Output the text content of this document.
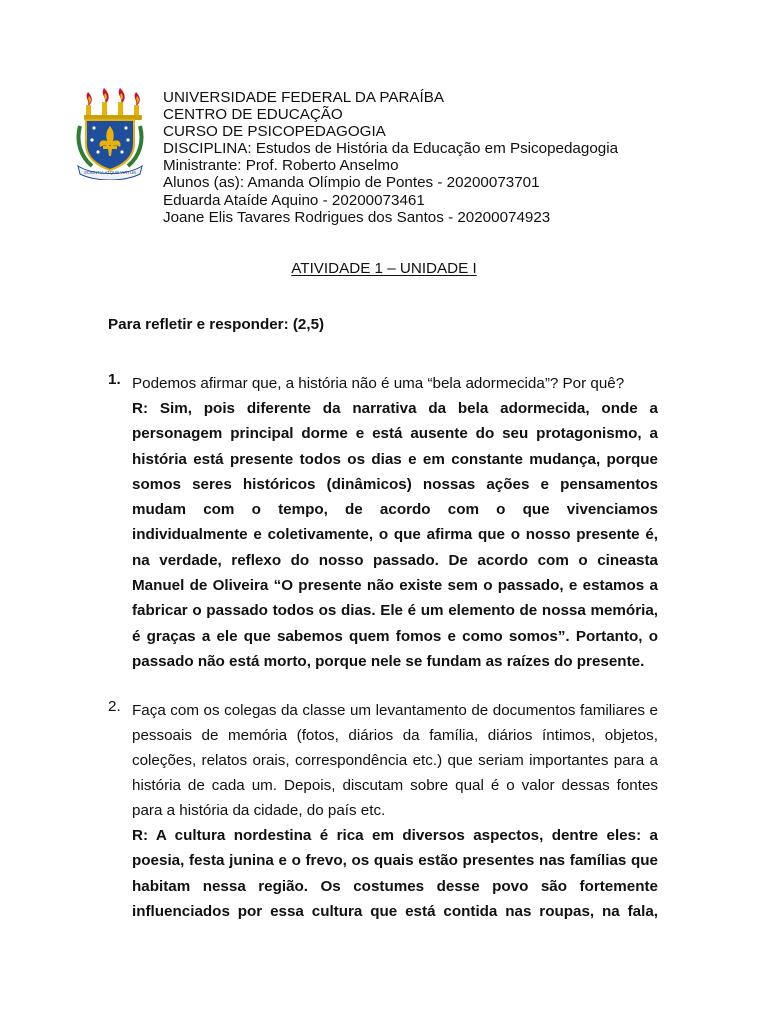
SCIENTIA ATQUE VIRTUS
UNIVERSIDADE FEDERAL DA PARAÍBA
CENTRO DE EDUCAÇÃO
CURSO DE PSICOPEDAGOGIA
DISCIPLINA: Estudos de História da Educação em Psicopedagogia
Ministrante: Prof. Roberto Anselmo
Alunos (as): Amanda Olímpio de Pontes - 20200073701
Eduarda Ataíde Aquino - 20200073461
Joane Elis Tavares Rodrigues dos Santos - 20200074923
ATIVIDADE 1 – UNIDADE I
Para refletir e responder: (2,5)
1. Podemos afirmar que, a história não é uma “bela adormecida”? Por quê?
R: Sim, pois diferente da narrativa da bela adormecida, onde a personagem principal dorme e está ausente do seu protagonismo, a história está presente todos os dias e em constante mudança, porque somos seres históricos (dinâmicos) nossas ações e pensamentos mudam com o tempo, de acordo com o que vivenciamos individualmente e coletivamente, o que afirma que o nosso presente é, na verdade, reflexo do nosso passado. De acordo com o cineasta Manuel de Oliveira “O presente não existe sem o passado, e estamos a fabricar o passado todos os dias. Ele é um elemento de nossa memória, é graças a ele que sabemos quem fomos e como somos”. Portanto, o passado não está morto, porque nele se fundam as raízes do presente.
2. Faça com os colegas da classe um levantamento de documentos familiares e pessoais de memória (fotos, diários da família, diários íntimos, objetos, coleções, relatos orais, correspondência etc.) que seriam importantes para a história de cada um. Depois, discutam sobre qual é o valor dessas fontes para a história da cidade, do país etc.
R: A cultura nordestina é rica em diversos aspectos, dentre eles: a poesia, festa junina e o frevo, os quais estão presentes nas famílias que habitam nessa região. Os costumes desse povo são fortemente influenciados por essa cultura que está contida nas roupas, na fala,
